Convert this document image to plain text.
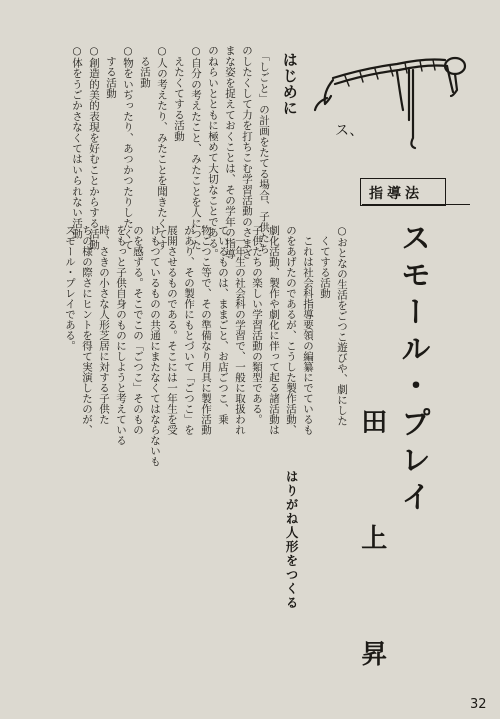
ス、
はじめに
　「しごと」の計画をたてる場合、子供たち
のしたくして力を打ちこむ学習活動のさまざ
まな姿を捉えておくことは、その学年の指導
のねらいとともに極めて大切なことである。
○自分の考えたこと、みたことを人につた
　えたくてする活動
○人の考えたり、みたことを聞きたくてす
　る活動
○物をいぢったり、あつかつたりしたくて
　する活動
○創造的美的表現を好むことからする活動
○体をうごかさなくてはいられない活動	指導法
スモール・プレイ
田 上 昇
○おとなの生活をごつこ遊びや、劇にした
　くてする活動
　これは社会科指導要領の編纂にでているも
のをあげたのであるが、こうした製作活動、
劇化活動、製作や劇化に伴って起る諸活動は
子供たちの楽しい学習活動の類型である。
　一年生の社会科の学習で、一般に取扱われ
ているものは、ままごと、お店ごつこ、乗
物ごつこ等で、その準備なり用具に製作活動
があり、その製作にもとづいて「ごつこ」を
展開させるものである。そこには一年生を受
けもつているものの共通にまたなくてはならないも
のを感ずる。そこでこの「ごつこ」そのもの
をもっと子供自身のものにしようと考えている
時、さきの小さな人形芝居に対する子供た
ちの様の際さにヒントを得て実演したのが、
スモール・プレイである。
はりがね人形をつくる
32
